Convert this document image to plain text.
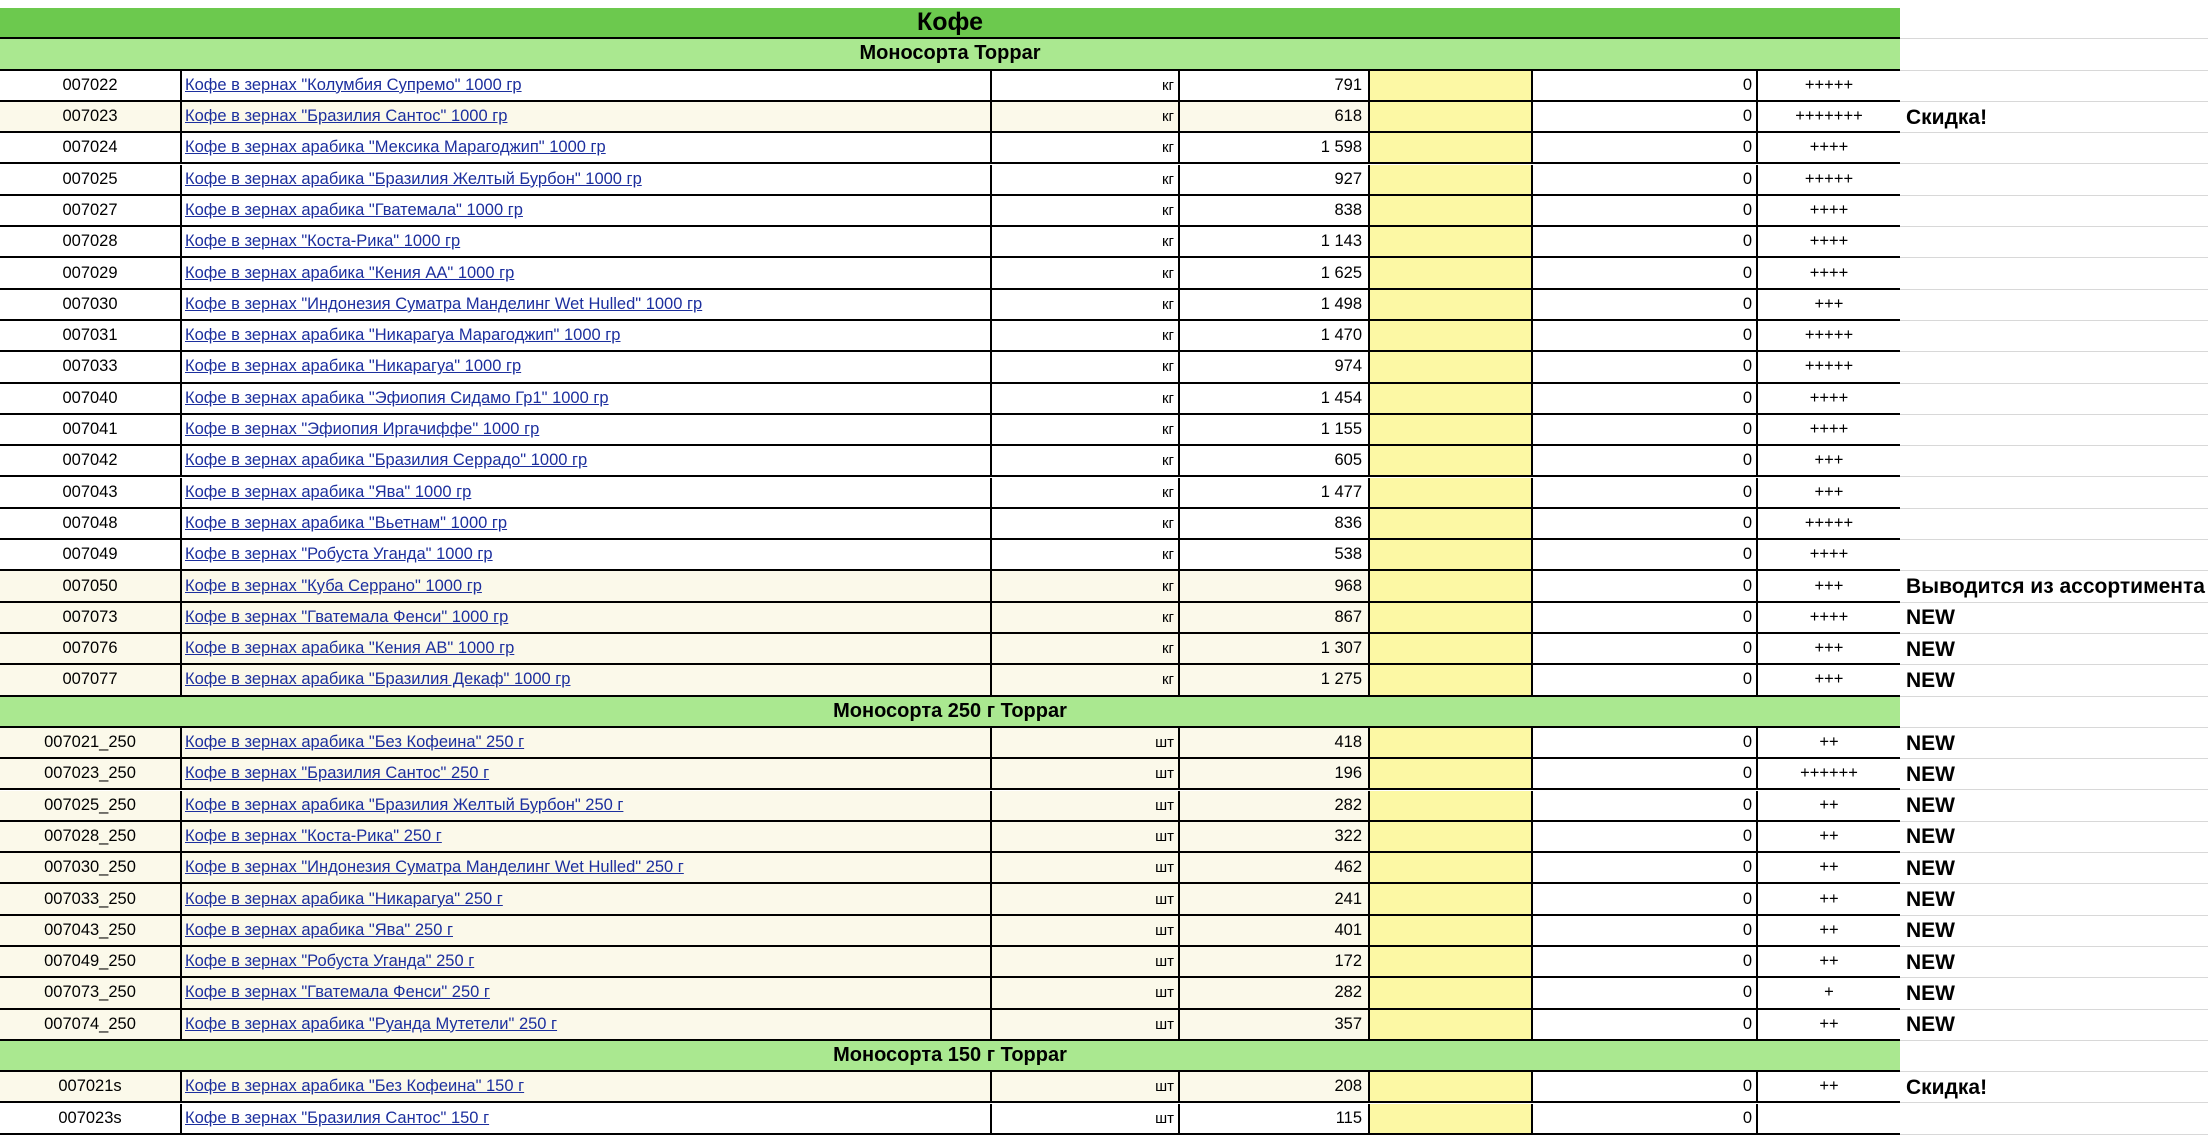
Кофе
Моносорта Toppar
007022	Кофе в зернах "Колумбия Супремо" 1000 гр	кг	791	0	+++++
007023	Кофе в зернах "Бразилия Сантос" 1000 гр	кг	618	0	+++++++	Скидка!
007024	Кофе в зернах арабика "Мексика Марагоджип" 1000 гр	кг	1 598	0	++++
007025	Кофе в зернах арабика "Бразилия Желтый Бурбон" 1000 гр	кг	927	0	+++++
007027	Кофе в зернах арабика "Гватемала" 1000 гр	кг	838	0	++++
007028	Кофе в зернах "Коста-Рика" 1000 гр	кг	1 143	0	++++
007029	Кофе в зернах арабика "Кения АА" 1000 гр	кг	1 625	0	++++
007030	Кофе в зернах "Индонезия Суматра Манделинг Wet Hulled" 1000 гр	кг	1 498	0	+++
007031	Кофе в зернах арабика "Никарагуа Марагоджип" 1000 гр	кг	1 470	0	+++++
007033	Кофе в зернах арабика "Никарагуа" 1000 гр	кг	974	0	+++++
007040	Кофе в зернах арабика "Эфиопия Сидамо Гр1" 1000 гр	кг	1 454	0	++++
007041	Кофе в зернах "Эфиопия Иргачиффе" 1000 гр	кг	1 155	0	++++
007042	Кофе в зернах арабика "Бразилия Серрадо" 1000 гр	кг	605	0	+++
007043	Кофе в зернах арабика "Ява" 1000 гр	кг	1 477	0	+++
007048	Кофе в зернах арабика "Вьетнам" 1000 гр	кг	836	0	+++++
007049	Кофе в зернах "Робуста Уганда" 1000 гр	кг	538	0	++++
007050	Кофе в зернах "Куба Серрано" 1000 гр	кг	968	0	+++	Выводится из ассортимента
007073	Кофе в зернах "Гватемала Фенси" 1000 гр	кг	867	0	++++	NEW
007076	Кофе в зернах арабика "Кения АВ" 1000 гр	кг	1 307	0	+++	NEW
007077	Кофе в зернах арабика "Бразилия Декаф" 1000 гр	кг	1 275	0	+++	NEW
Моносорта 250 г Toppar
007021_250	Кофе в зернах арабика "Без Кофеина" 250 г	шт	418	0	++	NEW
007023_250	Кофе в зернах "Бразилия Сантос" 250 г	шт	196	0	++++++	NEW
007025_250	Кофе в зернах арабика "Бразилия Желтый Бурбон" 250 г	шт	282	0	++	NEW
007028_250	Кофе в зернах "Коста-Рика" 250 г	шт	322	0	++	NEW
007030_250	Кофе в зернах "Индонезия Суматра Манделинг Wet Hulled" 250 г	шт	462	0	++	NEW
007033_250	Кофе в зернах арабика "Никарагуа" 250 г	шт	241	0	++	NEW
007043_250	Кофе в зернах арабика "Ява" 250 г	шт	401	0	++	NEW
007049_250	Кофе в зернах "Робуста Уганда" 250 г	шт	172	0	++	NEW
007073_250	Кофе в зернах "Гватемала Фенси" 250 г	шт	282	0	+	NEW
007074_250	Кофе в зернах арабика "Руанда Мутетели" 250 г	шт	357	0	++	NEW
Моносорта 150 г Toppar
007021s	Кофе в зернах арабика "Без Кофеина" 150 г	шт	208	0	++	Скидка!
007023s	Кофе в зернах "Бразилия Сантос" 150 г	шт	115	0
